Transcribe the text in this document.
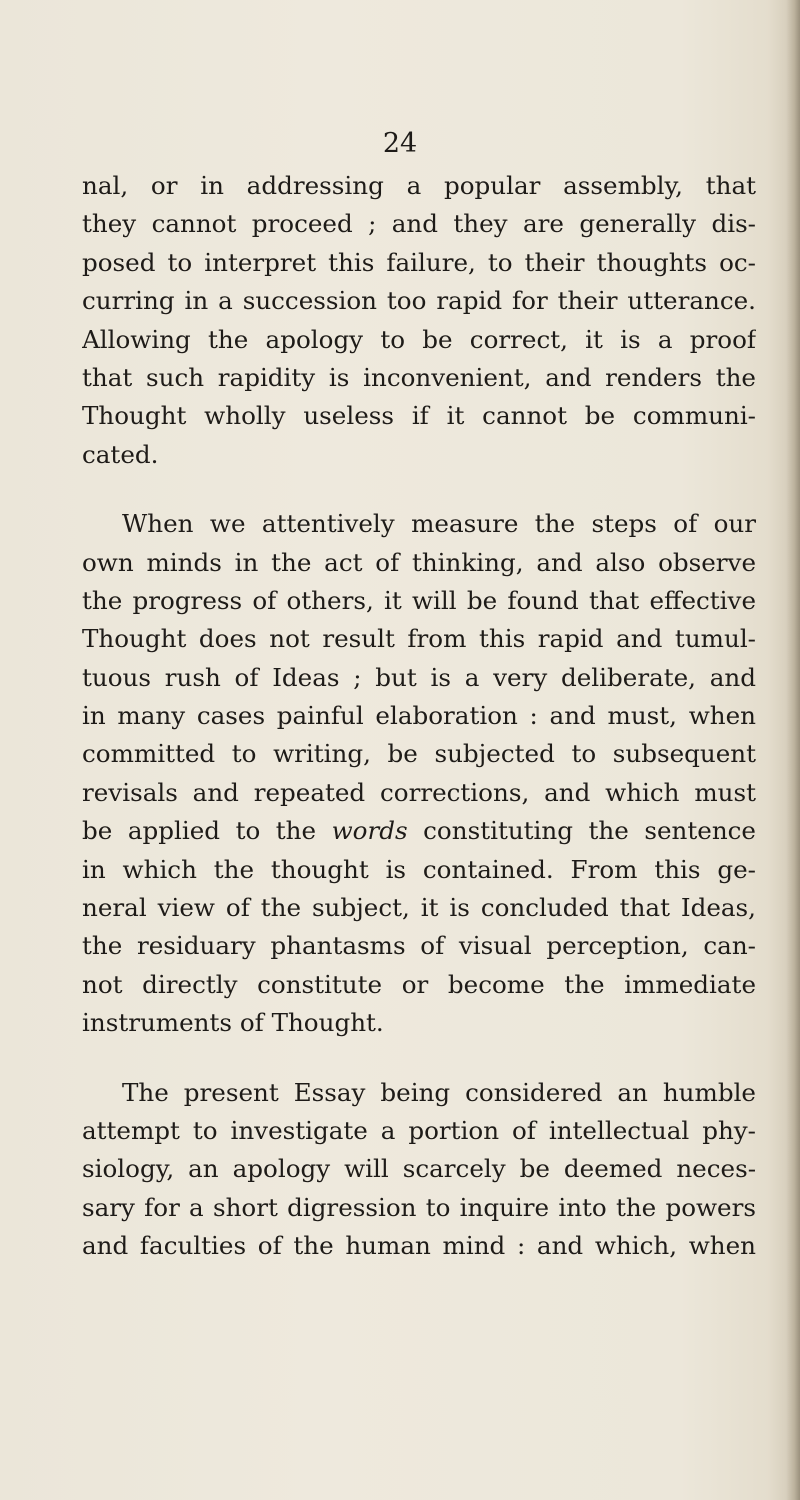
24

nal, or in addressing a popular assembly, that
they cannot proceed ; and they are generally dis-
posed to interpret this failure, to their thoughts oc-
curring in a succession too rapid for their utterance.
Allowing the apology to be correct, it is a proof
that such rapidity is inconvenient, and renders the
Thought wholly useless if it cannot be communi-
cated.

When we attentively measure the steps of our
own minds in the act of thinking, and also observe
the progress of others, it will be found that effective
Thought does not result from this rapid and tumul-
tuous rush of Ideas ; but is a very deliberate, and
in many cases painful elaboration : and must, when
committed to writing, be subjected to subsequent
revisals and repeated corrections, and which must
be applied to the words constituting the sentence
in which the thought is contained. From this ge-
neral view of the subject, it is concluded that Ideas,
the residuary phantasms of visual perception, can-
not directly constitute or become the immediate
instruments of Thought.

The present Essay being considered an humble
attempt to investigate a portion of intellectual phy-
siology, an apology will scarcely be deemed neces-
sary for a short digression to inquire into the powers
and faculties of the human mind : and which, when
